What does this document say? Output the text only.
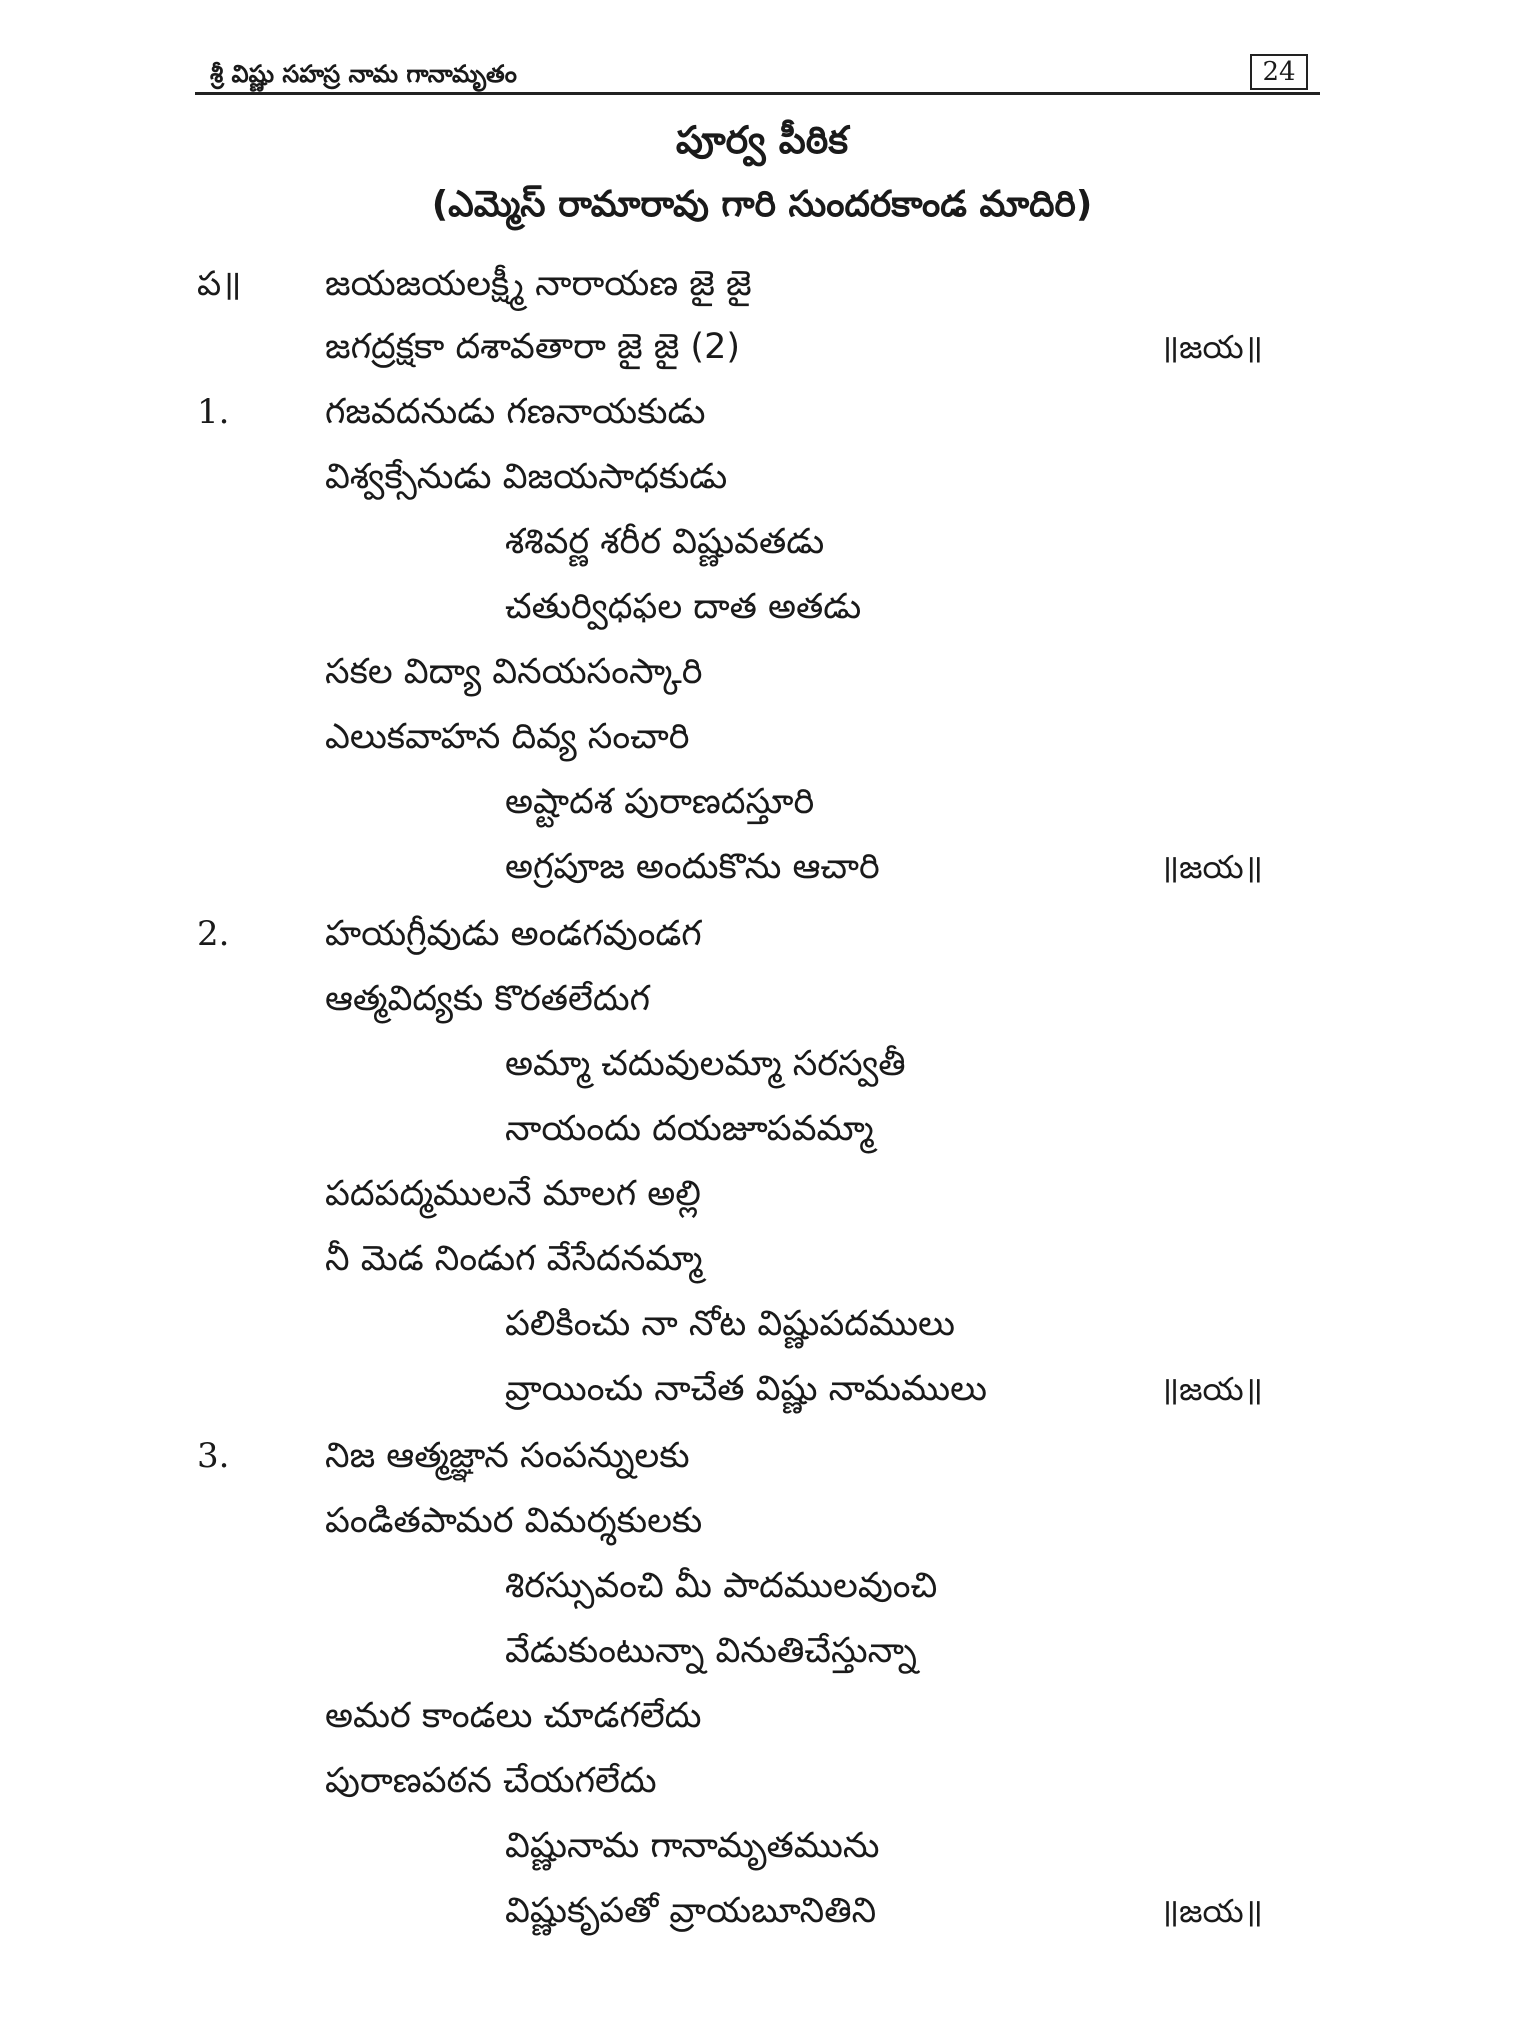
శ్రీ విష్ణు సహస్ర నామ గానామృతం	24
పూర్వ పీఠిక
(ఎమ్మెస్ రామారావు గారి సుందరకాండ మాదిరి)
ప॥ జయజయలక్ష్మీ నారాయణ జై జై
జగద్రక్షకా దశావతారా జై జై (2)	॥జయ॥
1.	గజవదనుడు గణనాయకుడు
విశ్వక్సేనుడు విజయసాధకుడు
శశివర్ణ శరీర విష్ణువతడు
చతుర్విధఫల దాత అతడు
సకల విద్యా వినయసంస్కారి
ఎలుకవాహన దివ్య సంచారి
అష్టాదశ పురాణదస్తూరి
అగ్రపూజ అందుకొను ఆచారి	॥జయ॥
2.	హయగ్రీవుడు అండగవుండగ
ఆత్మవిద్యకు కొరతలేదుగ
అమ్మా చదువులమ్మా సరస్వతీ
నాయందు దయజూపవమ్మా
పదపద్మములనే మాలగ అల్లి
నీ మెడ నిండుగ వేసేదనమ్మా
పలికించు నా నోట విష్ణుపదములు
వ్రాయించు నాచేత విష్ణు నామములు	॥జయ॥
3.	నిజ ఆత్మజ్ఞాన సంపన్నులకు
పండితపామర విమర్శకులకు
శిరస్సువంచి మీ పాదములవుంచి
వేడుకుంటున్నా వినుతిచేస్తున్నా
అమర కాండలు చూడగలేదు
పురాణపఠన చేయగలేదు
విష్ణునామ గానామృతమును
విష్ణుకృపతో వ్రాయబూనితిని	॥జయ॥
